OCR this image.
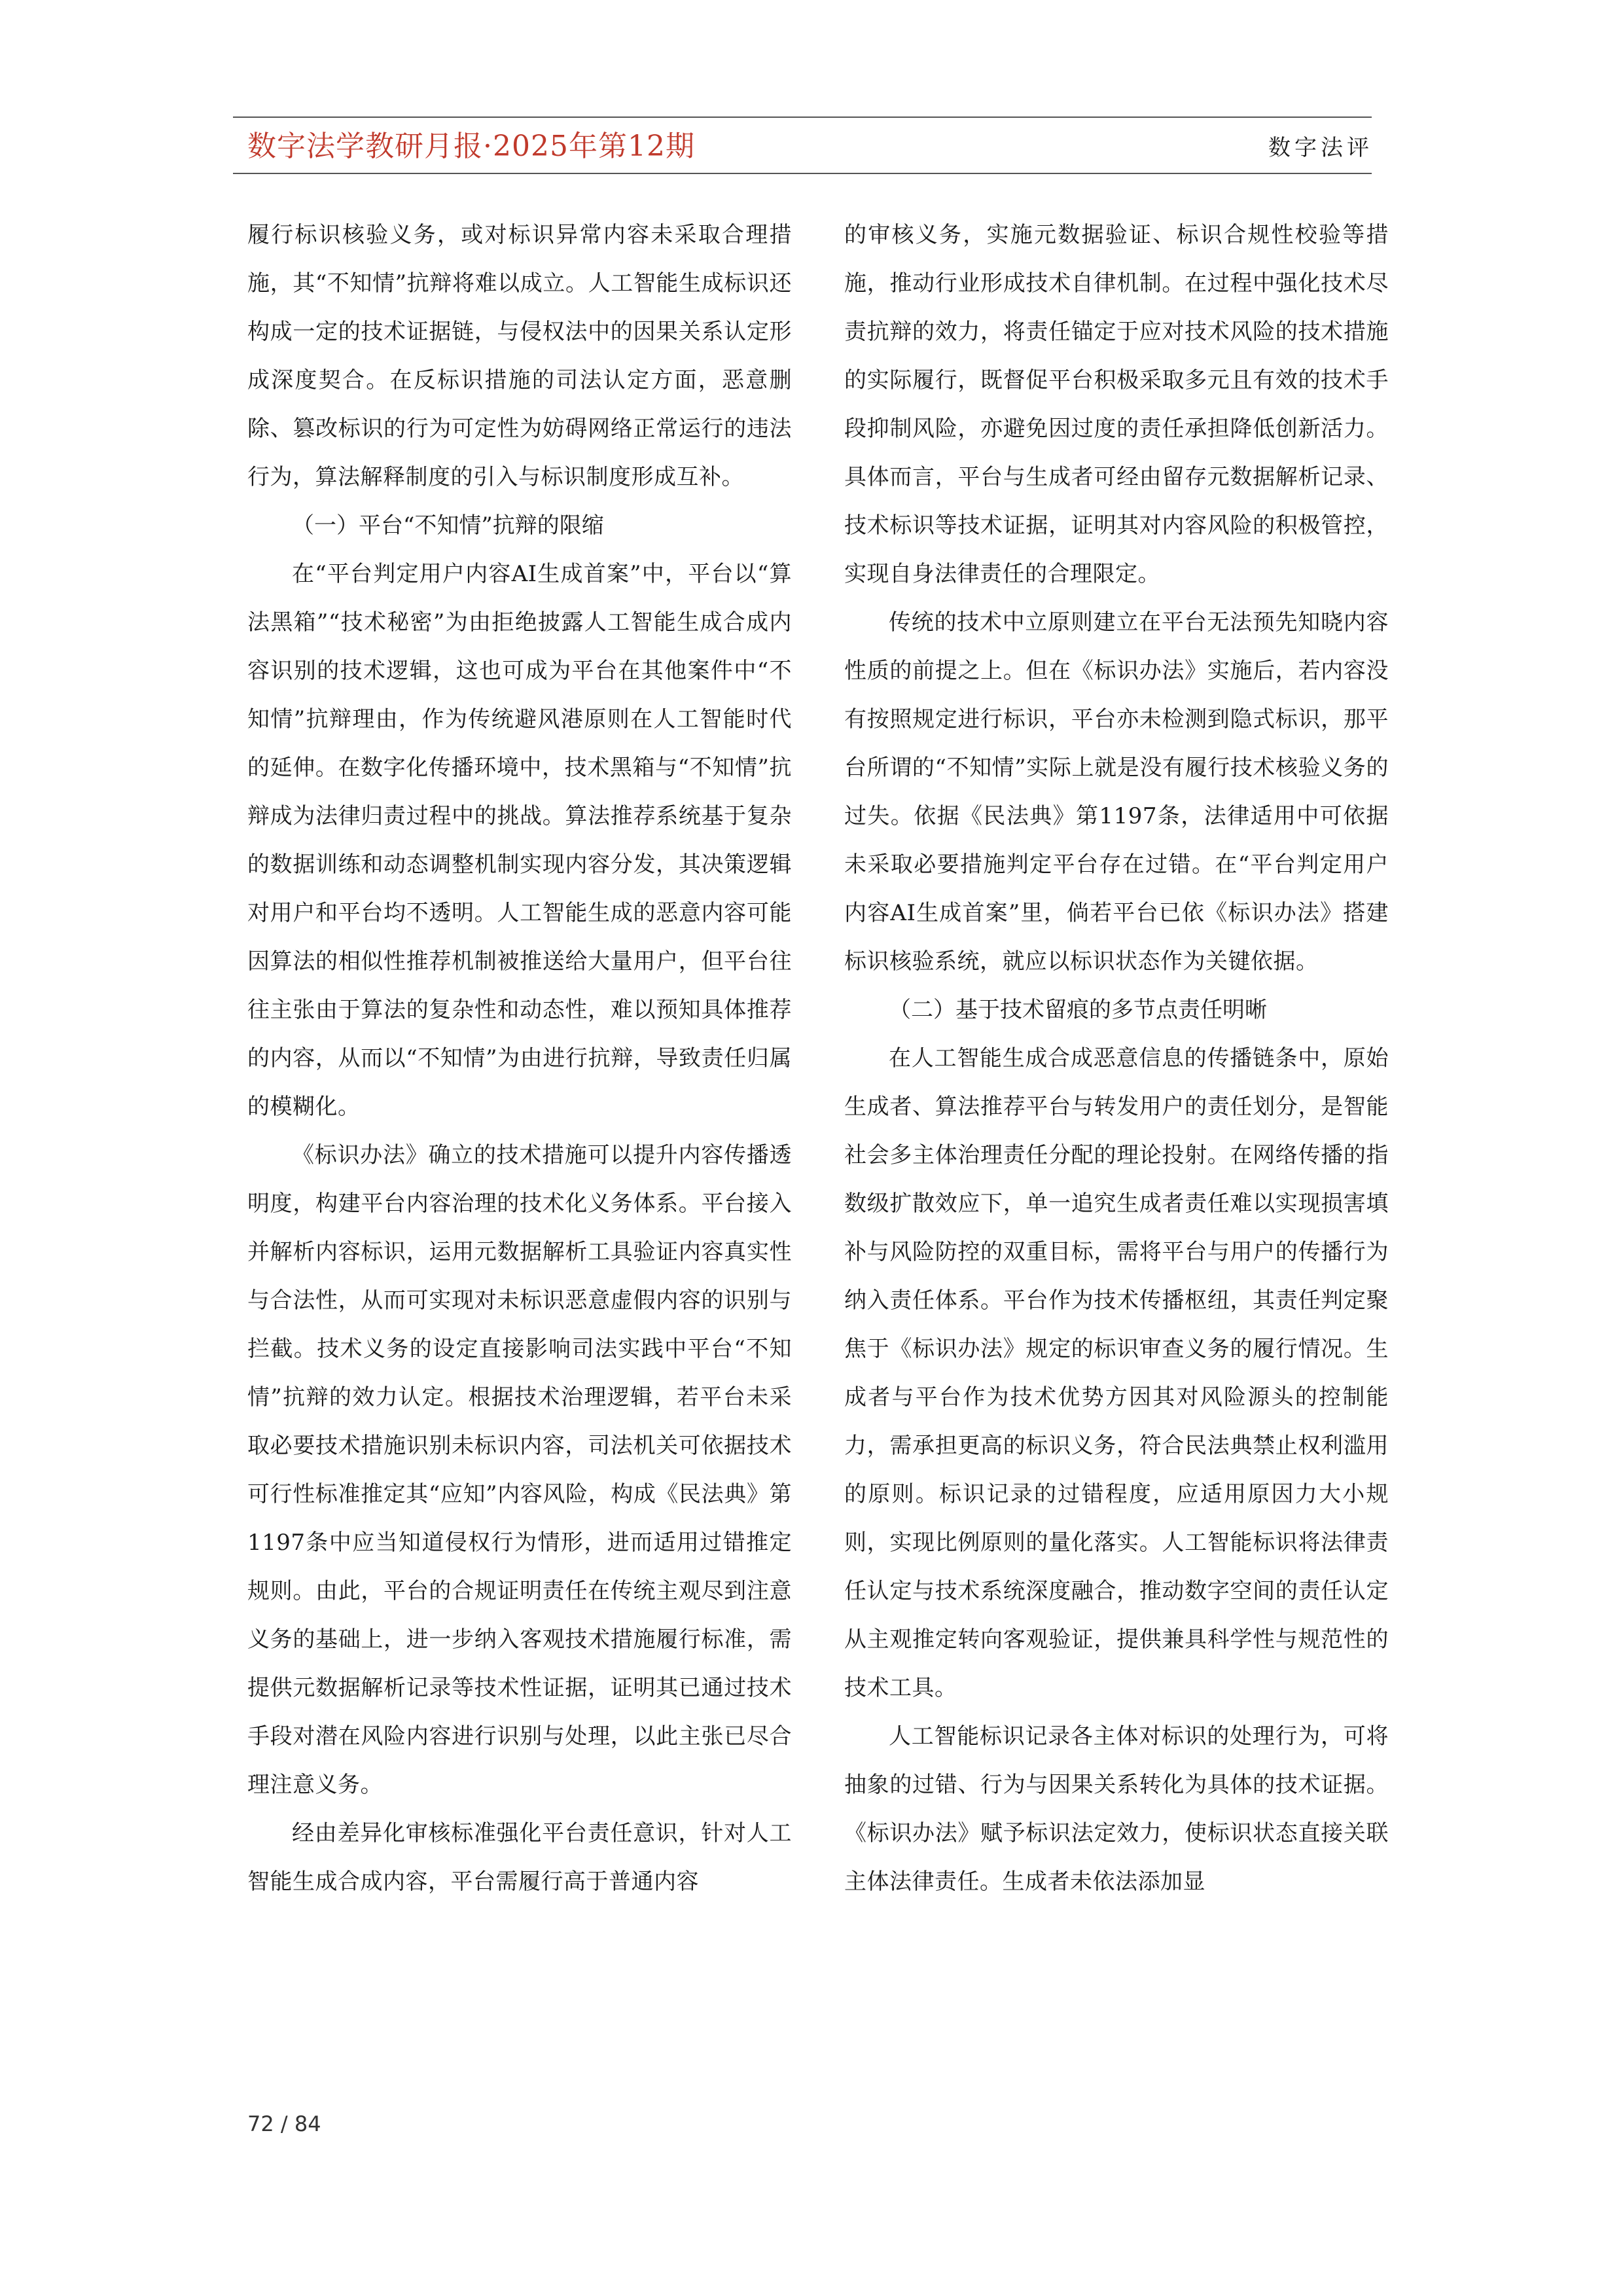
数字法学教研月报·2025年第12期	数字法评

履行标识核验义务，或对标识异常内容未采取合理措施，其“不知情”抗辩将难以成立。人工智能生成标识还构成一定的技术证据链，与侵权法中的因果关系认定形成深度契合。在反标识措施的司法认定方面，恶意删除、篡改标识的行为可定性为妨碍网络正常运行的违法行为，算法解释制度的引入与标识制度形成互补。

（一）平台“不知情”抗辩的限缩

在“平台判定用户内容AI生成首案”中，平台以“算法黑箱”“技术秘密”为由拒绝披露人工智能生成合成内容识别的技术逻辑，这也可成为平台在其他案件中“不知情”抗辩理由，作为传统避风港原则在人工智能时代的延伸。在数字化传播环境中，技术黑箱与“不知情”抗辩成为法律归责过程中的挑战。算法推荐系统基于复杂的数据训练和动态调整机制实现内容分发，其决策逻辑对用户和平台均不透明。人工智能生成的恶意内容可能因算法的相似性推荐机制被推送给大量用户，但平台往往主张由于算法的复杂性和动态性，难以预知具体推荐的内容，从而以“不知情”为由进行抗辩，导致责任归属的模糊化。

《标识办法》确立的技术措施可以提升内容传播透明度，构建平台内容治理的技术化义务体系。平台接入并解析内容标识，运用元数据解析工具验证内容真实性与合法性，从而可实现对未标识恶意虚假内容的识别与拦截。技术义务的设定直接影响司法实践中平台“不知情”抗辩的效力认定。根据技术治理逻辑，若平台未采取必要技术措施识别未标识内容，司法机关可依据技术可行性标准推定其“应知”内容风险，构成《民法典》第1197条中应当知道侵权行为情形，进而适用过错推定规则。由此，平台的合规证明责任在传统主观尽到注意义务的基础上，进一步纳入客观技术措施履行标准，需提供元数据解析记录等技术性证据，证明其已通过技术手段对潜在风险内容进行识别与处理，以此主张已尽合理注意义务。

经由差异化审核标准强化平台责任意识，针对人工智能生成合成内容，平台需履行高于普通内容

的审核义务，实施元数据验证、标识合规性校验等措施，推动行业形成技术自律机制。在过程中强化技术尽责抗辩的效力，将责任锚定于应对技术风险的技术措施的实际履行，既督促平台积极采取多元且有效的技术手段抑制风险，亦避免因过度的责任承担降低创新活力。具体而言，平台与生成者可经由留存元数据解析记录、技术标识等技术证据，证明其对内容风险的积极管控，实现自身法律责任的合理限定。

传统的技术中立原则建立在平台无法预先知晓内容性质的前提之上。但在《标识办法》实施后，若内容没有按照规定进行标识，平台亦未检测到隐式标识，那平台所谓的“不知情”实际上就是没有履行技术核验义务的过失。依据《民法典》第1197条，法律适用中可依据未采取必要措施判定平台存在过错。在“平台判定用户内容AI生成首案”里，倘若平台已依《标识办法》搭建标识核验系统，就应以标识状态作为关键依据。

（二）基于技术留痕的多节点责任明晰

在人工智能生成合成恶意信息的传播链条中，原始生成者、算法推荐平台与转发用户的责任划分，是智能社会多主体治理责任分配的理论投射。在网络传播的指数级扩散效应下，单一追究生成者责任难以实现损害填补与风险防控的双重目标，需将平台与用户的传播行为纳入责任体系。平台作为技术传播枢纽，其责任判定聚焦于《标识办法》规定的标识审查义务的履行情况。生成者与平台作为技术优势方因其对风险源头的控制能力，需承担更高的标识义务，符合民法典禁止权利滥用的原则。标识记录的过错程度，应适用原因力大小规则，实现比例原则的量化落实。人工智能标识将法律责任认定与技术系统深度融合，推动数字空间的责任认定从主观推定转向客观验证，提供兼具科学性与规范性的技术工具。

人工智能标识记录各主体对标识的处理行为，可将抽象的过错、行为与因果关系转化为具体的技术证据。《标识办法》赋予标识法定效力，使标识状态直接关联主体法律责任。生成者未依法添加显

72 / 84
